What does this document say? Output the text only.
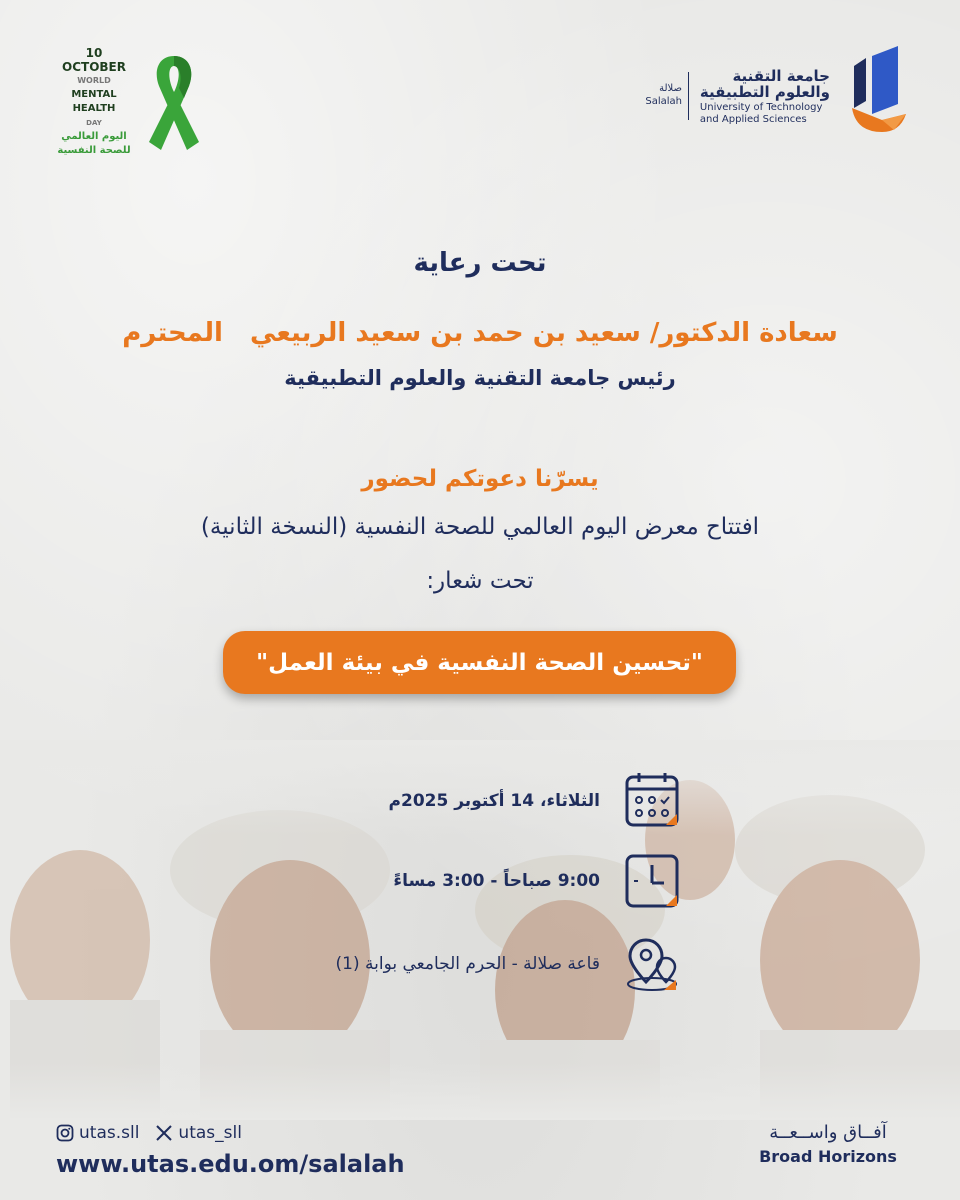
جامعة التقنية
والعلوم التطبيقية
University of Technology
and Applied Sciences
صلالة
Salalah
10 OCTOBER
WORLD
MENTAL HEALTH
DAY
اليوم العالمي
للصحة النفسية
تحت رعاية
سعادة الدكتور/ سعيد بن حمد بن سعيد الربيعي   المحترم
رئيس جامعة التقنية والعلوم التطبيقية
يسرّنا دعوتكم لحضور
افتتاح معرض اليوم العالمي للصحة النفسية (النسخة الثانية)
تحت شعار:
"تحسين الصحة النفسية في بيئة العمل"
الثلاثاء، 14 أكتوبر 2025م
9:00 صباحاً - 3:00 مساءً
قاعة صلالة - الحرم الجامعي بوابة (1)
utas.sll utas_sll
www.utas.edu.om/salalah
آفــاق واســعــة
Broad Horizons
